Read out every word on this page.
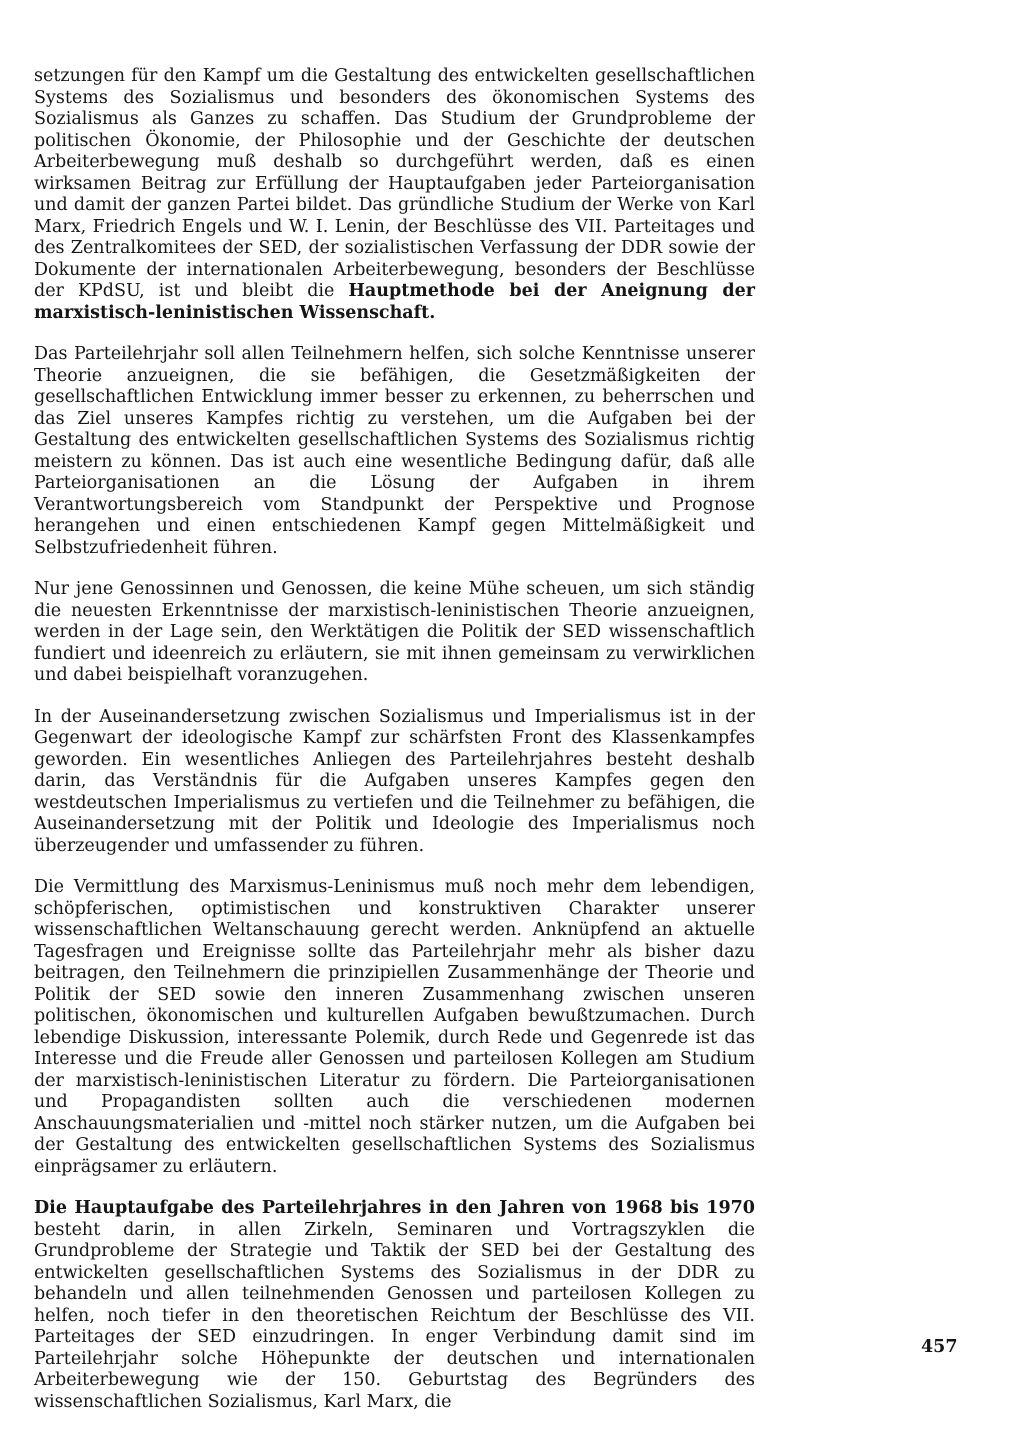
setzungen für den Kampf um die Gestaltung des entwickelten gesellschaftlichen Systems des Sozialismus und besonders des ökonomischen Systems des Sozialismus als Ganzes zu schaffen. Das Studium der Grundprobleme der politischen Ökonomie, der Philosophie und der Geschichte der deutschen Arbeiterbewegung muß deshalb so durchgeführt werden, daß es einen wirksamen Beitrag zur Erfüllung der Hauptaufgaben jeder Parteiorganisation und damit der ganzen Partei bildet. Das gründliche Studium der Werke von Karl Marx, Friedrich Engels und W. I. Lenin, der Beschlüsse des VII. Parteitages und des Zentralkomitees der SED, der sozialistischen Verfassung der DDR sowie der Dokumente der internationalen Arbeiterbewegung, besonders der Beschlüsse der KPdSU, ist und bleibt die Hauptmethode bei der Aneignung der marxistisch-leninistischen Wissenschaft.

Das Parteilehrjahr soll allen Teilnehmern helfen, sich solche Kenntnisse unserer Theorie anzueignen, die sie befähigen, die Gesetzmäßigkeiten der gesellschaftlichen Entwicklung immer besser zu erkennen, zu beherrschen und das Ziel unseres Kampfes richtig zu verstehen, um die Aufgaben bei der Gestaltung des entwickelten gesellschaftlichen Systems des Sozialismus richtig meistern zu können. Das ist auch eine wesentliche Bedingung dafür, daß alle Parteiorganisationen an die Lösung der Aufgaben in ihrem Verantwortungsbereich vom Standpunkt der Perspektive und Prognose herangehen und einen entschiedenen Kampf gegen Mittelmäßigkeit und Selbstzufriedenheit führen.

Nur jene Genossinnen und Genossen, die keine Mühe scheuen, um sich ständig die neuesten Erkenntnisse der marxistisch-leninistischen Theorie anzueignen, werden in der Lage sein, den Werktätigen die Politik der SED wissenschaftlich fundiert und ideenreich zu erläutern, sie mit ihnen gemeinsam zu verwirklichen und dabei beispielhaft voranzugehen.

In der Auseinandersetzung zwischen Sozialismus und Imperialismus ist in der Gegenwart der ideologische Kampf zur schärfsten Front des Klassenkampfes geworden. Ein wesentliches Anliegen des Parteilehrjahres besteht deshalb darin, das Verständnis für die Aufgaben unseres Kampfes gegen den westdeutschen Imperialismus zu vertiefen und die Teilnehmer zu befähigen, die Auseinandersetzung mit der Politik und Ideologie des Imperialismus noch überzeugender und umfassender zu führen.

Die Vermittlung des Marxismus-Leninismus muß noch mehr dem lebendigen, schöpferischen, optimistischen und konstruktiven Charakter unserer wissenschaftlichen Weltanschauung gerecht werden. Anknüpfend an aktuelle Tagesfragen und Ereignisse sollte das Parteilehrjahr mehr als bisher dazu beitragen, den Teilnehmern die prinzipiellen Zusammenhänge der Theorie und Politik der SED sowie den inneren Zusammenhang zwischen unseren politischen, ökonomischen und kulturellen Aufgaben bewußtzumachen. Durch lebendige Diskussion, interessante Polemik, durch Rede und Gegenrede ist das Interesse und die Freude aller Genossen und parteilosen Kollegen am Studium der marxistisch-leninistischen Literatur zu fördern. Die Parteiorganisationen und Propagandisten sollten auch die verschiedenen modernen Anschauungsmaterialien und -mittel noch stärker nutzen, um die Aufgaben bei der Gestaltung des entwickelten gesellschaftlichen Systems des Sozialismus einprägsamer zu erläutern.

Die Hauptaufgabe des Parteilehrjahres in den Jahren von 1968 bis 1970 besteht darin, in allen Zirkeln, Seminaren und Vortragszyklen die Grundprobleme der Strategie und Taktik der SED bei der Gestaltung des entwickelten gesellschaftlichen Systems des Sozialismus in der DDR zu behandeln und allen teilnehmenden Genossen und parteilosen Kollegen zu helfen, noch tiefer in den theoretischen Reichtum der Beschlüsse des VII. Parteitages der SED einzudringen. In enger Verbindung damit sind im Parteilehrjahr solche Höhepunkte der deutschen und internationalen Arbeiterbewegung wie der 150. Geburtstag des Begründers des wissenschaftlichen Sozialismus, Karl Marx, die

457
